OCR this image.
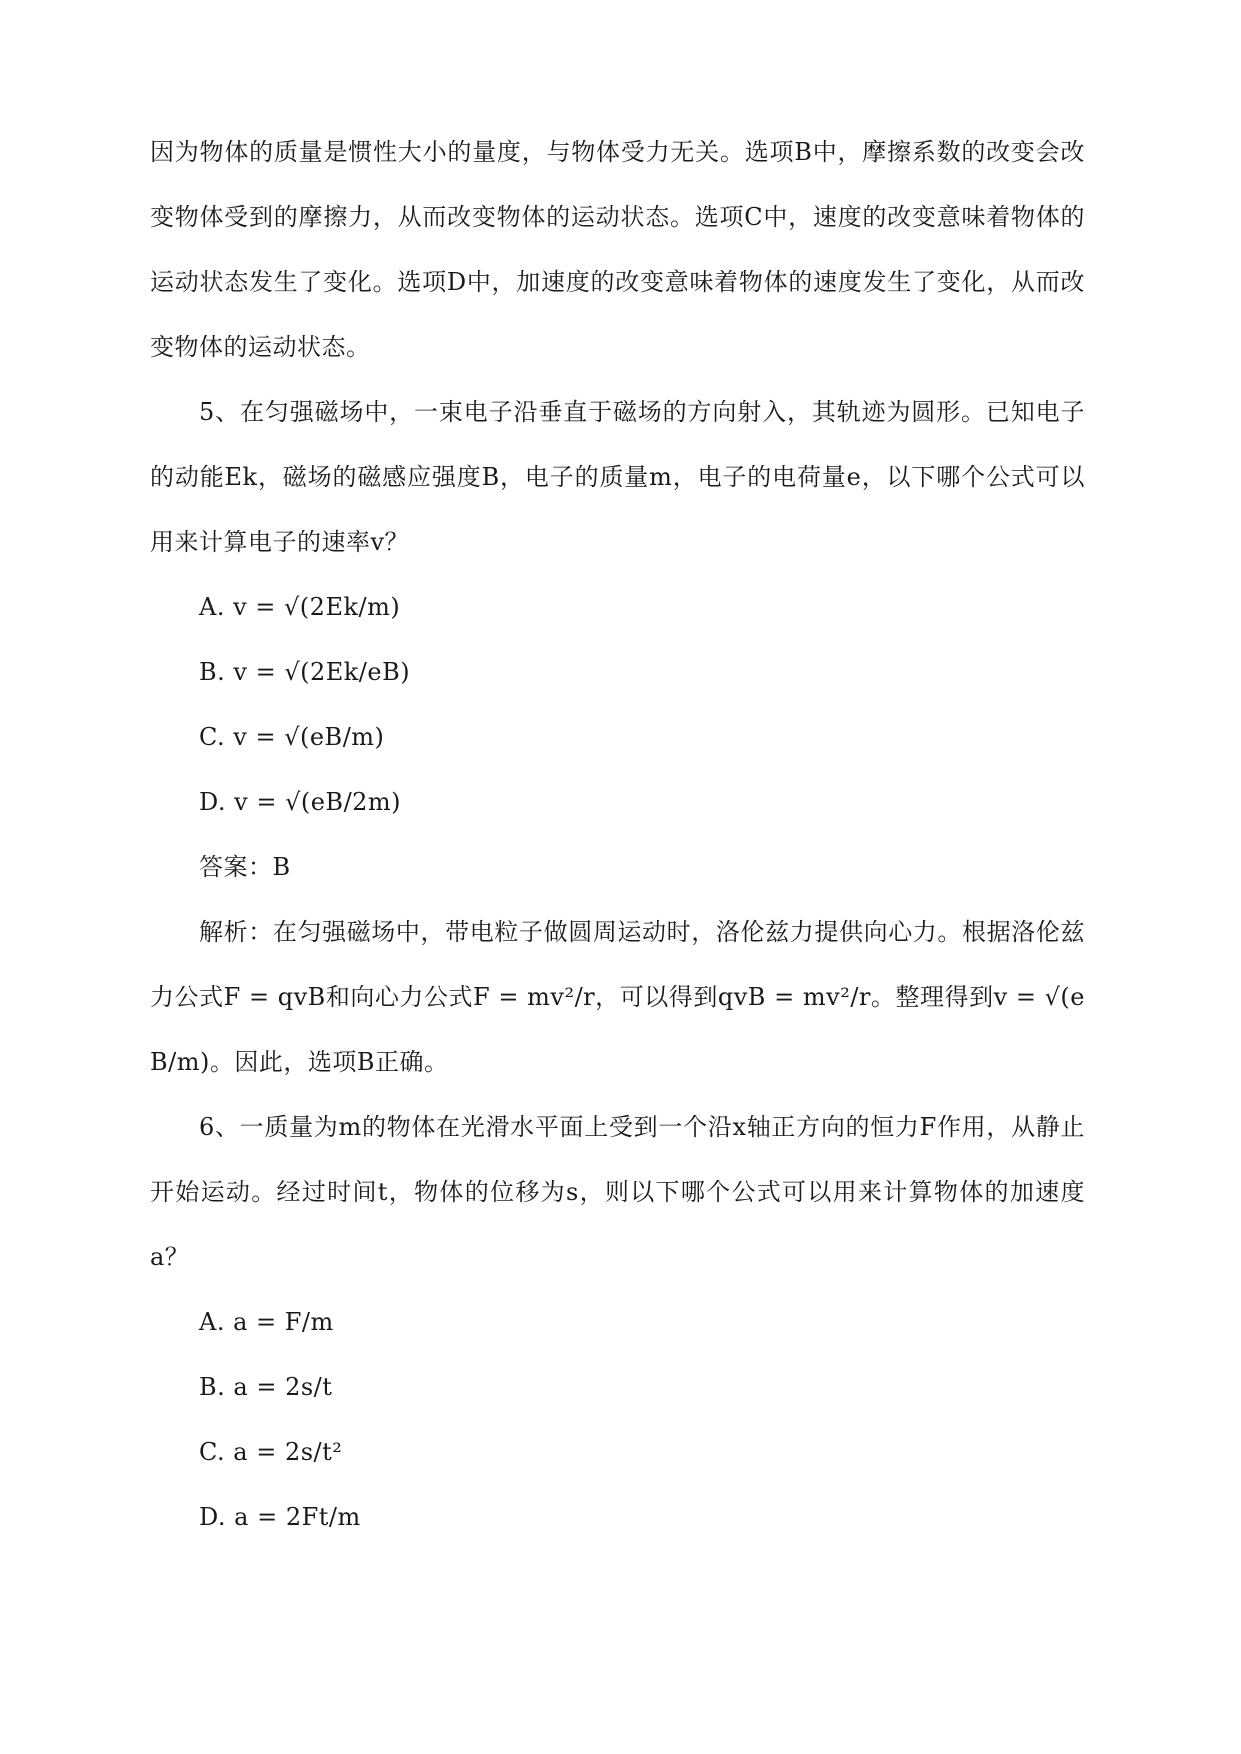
因为物体的质量是惯性大小的量度，与物体受力无关。选项B中，摩擦系数的改变会改变物体受到的摩擦力，从而改变物体的运动状态。选项C中，速度的改变意味着物体的运动状态发生了变化。选项D中，加速度的改变意味着物体的速度发生了变化，从而改变物体的运动状态。

5、在匀强磁场中，一束电子沿垂直于磁场的方向射入，其轨迹为圆形。已知电子的动能Ek，磁场的磁感应强度B，电子的质量m，电子的电荷量e，以下哪个公式可以用来计算电子的速率v？

A. v = √(2Ek/m)

B. v = √(2Ek/eB)

C. v = √(eB/m)

D. v = √(eB/2m)

答案：B

解析：在匀强磁场中，带电粒子做圆周运动时，洛伦兹力提供向心力。根据洛伦兹力公式F = qvB和向心力公式F = mv²/r，可以得到qvB = mv²/r。整理得到v = √(eB/m)。因此，选项B正确。

6、一质量为m的物体在光滑水平面上受到一个沿x轴正方向的恒力F作用，从静止开始运动。经过时间t，物体的位移为s，则以下哪个公式可以用来计算物体的加速度a？

A. a = F/m

B. a = 2s/t

C. a = 2s/t²

D. a = 2Ft/m
